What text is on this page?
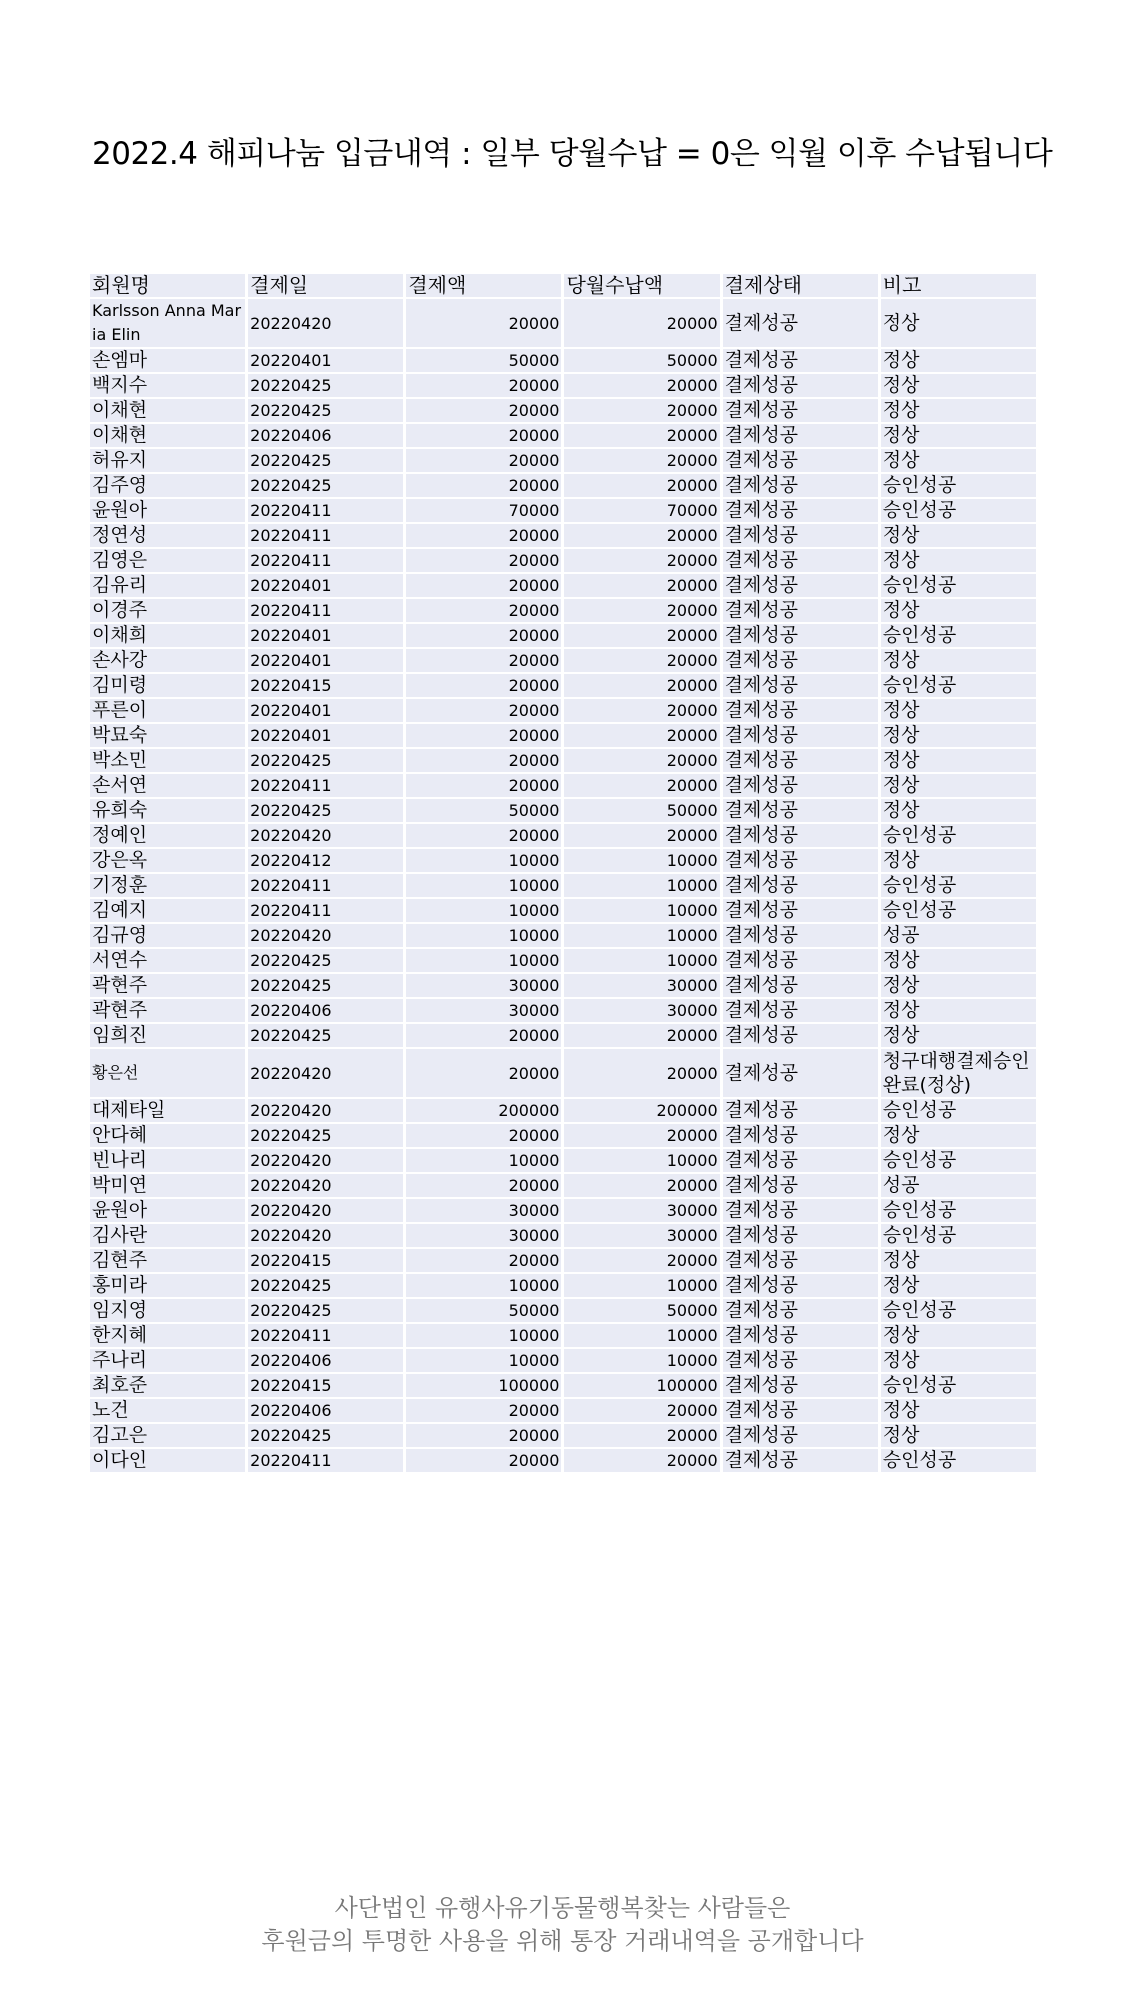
2022.4 해피나눔 입금내역 : 일부 당월수납 = 0은 익월 이후 수납됩니다
회원명	결제일	결제액	당월수납액	결제상태	비고
Karlsson Anna Maria Elin	20220420	20000	20000	결제성공	정상
손엠마	20220401	50000	50000	결제성공	정상
백지수	20220425	20000	20000	결제성공	정상
이채현	20220425	20000	20000	결제성공	정상
이채현	20220406	20000	20000	결제성공	정상
허유지	20220425	20000	20000	결제성공	정상
김주영	20220425	20000	20000	결제성공	승인성공
윤원아	20220411	70000	70000	결제성공	승인성공
정연성	20220411	20000	20000	결제성공	정상
김영은	20220411	20000	20000	결제성공	정상
김유리	20220401	20000	20000	결제성공	승인성공
이경주	20220411	20000	20000	결제성공	정상
이채희	20220401	20000	20000	결제성공	승인성공
손사강	20220401	20000	20000	결제성공	정상
김미령	20220415	20000	20000	결제성공	승인성공
푸른이	20220401	20000	20000	결제성공	정상
박묘숙	20220401	20000	20000	결제성공	정상
박소민	20220425	20000	20000	결제성공	정상
손서연	20220411	20000	20000	결제성공	정상
유희숙	20220425	50000	50000	결제성공	정상
정예인	20220420	20000	20000	결제성공	승인성공
강은옥	20220412	10000	10000	결제성공	정상
기정훈	20220411	10000	10000	결제성공	승인성공
김예지	20220411	10000	10000	결제성공	승인성공
김규영	20220420	10000	10000	결제성공	성공
서연수	20220425	10000	10000	결제성공	정상
곽현주	20220425	30000	30000	결제성공	정상
곽현주	20220406	30000	30000	결제성공	정상
임희진	20220425	20000	20000	결제성공	정상
황은선	20220420	20000	20000	결제성공	청구대행결제승인완료(정상)
대제타일	20220420	200000	200000	결제성공	승인성공
안다혜	20220425	20000	20000	결제성공	정상
빈나리	20220420	10000	10000	결제성공	승인성공
박미연	20220420	20000	20000	결제성공	성공
윤원아	20220420	30000	30000	결제성공	승인성공
김사란	20220420	30000	30000	결제성공	승인성공
김현주	20220415	20000	20000	결제성공	정상
홍미라	20220425	10000	10000	결제성공	정상
임지영	20220425	50000	50000	결제성공	승인성공
한지혜	20220411	10000	10000	결제성공	정상
주나리	20220406	10000	10000	결제성공	정상
최호준	20220415	100000	100000	결제성공	승인성공
노건	20220406	20000	20000	결제성공	정상
김고은	20220425	20000	20000	결제성공	정상
이다인	20220411	20000	20000	결제성공	승인성공
사단법인 유행사유기동물행복찾는 사람들은
후원금의 투명한 사용을 위해 통장 거래내역을 공개합니다
